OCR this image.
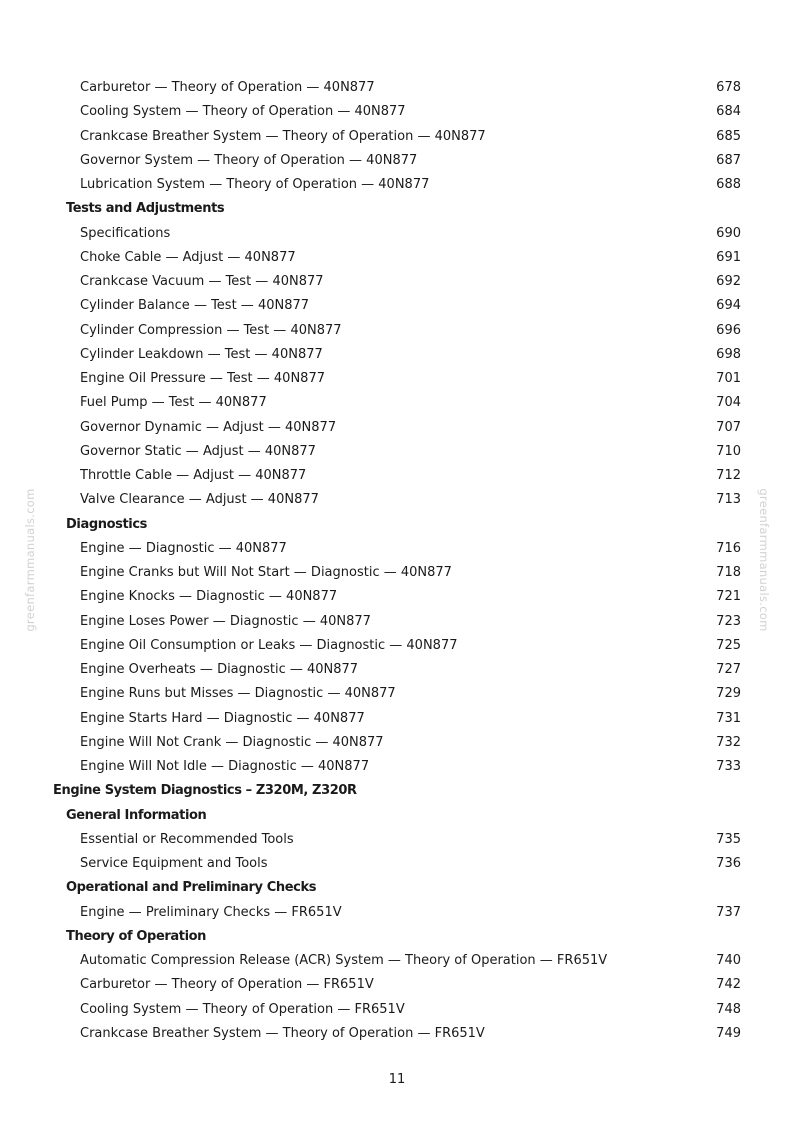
greenfarmmanuals.com	greenfarmmanuals.com
Carburetor — Theory of Operation — 40N877	678
Cooling System — Theory of Operation — 40N877	684
Crankcase Breather System — Theory of Operation — 40N877	685
Governor System — Theory of Operation — 40N877	687
Lubrication System — Theory of Operation — 40N877	688
Tests and Adjustments
Specifications	690
Choke Cable — Adjust — 40N877	691
Crankcase Vacuum — Test — 40N877	692
Cylinder Balance — Test — 40N877	694
Cylinder Compression — Test — 40N877	696
Cylinder Leakdown — Test — 40N877	698
Engine Oil Pressure — Test — 40N877	701
Fuel Pump — Test — 40N877	704
Governor Dynamic — Adjust — 40N877	707
Governor Static — Adjust — 40N877	710
Throttle Cable — Adjust — 40N877	712
Valve Clearance — Adjust — 40N877	713
Diagnostics
Engine — Diagnostic — 40N877	716
Engine Cranks but Will Not Start — Diagnostic — 40N877	718
Engine Knocks — Diagnostic — 40N877	721
Engine Loses Power — Diagnostic — 40N877	723
Engine Oil Consumption or Leaks — Diagnostic — 40N877	725
Engine Overheats — Diagnostic — 40N877	727
Engine Runs but Misses — Diagnostic — 40N877	729
Engine Starts Hard — Diagnostic — 40N877	731
Engine Will Not Crank — Diagnostic — 40N877	732
Engine Will Not Idle — Diagnostic — 40N877	733
Engine System Diagnostics – Z320M, Z320R
General Information
Essential or Recommended Tools	735
Service Equipment and Tools	736
Operational and Preliminary Checks
Engine — Preliminary Checks — FR651V	737
Theory of Operation
Automatic Compression Release (ACR) System — Theory of Operation — FR651V	740
Carburetor — Theory of Operation — FR651V	742
Cooling System — Theory of Operation — FR651V	748
Crankcase Breather System — Theory of Operation — FR651V	749
11
